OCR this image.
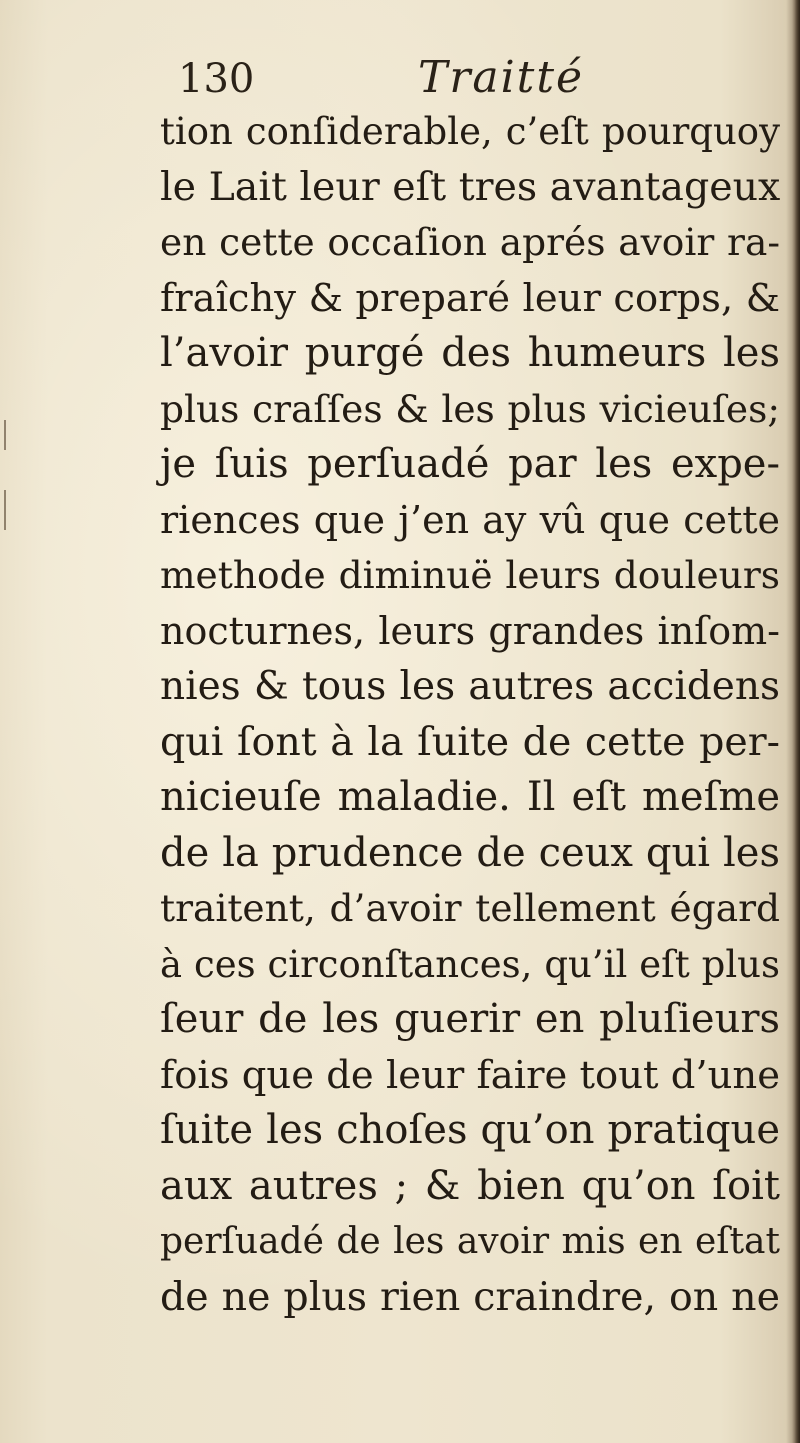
130	Traitté
tion conſiderable, c’eſt pourquoy
le Lait leur eſt tres avantageux
en cette occaſion aprés avoir ra-
fraîchy & preparé leur corps, &
l’avoir purgé des humeurs les
plus craſſes & les plus vicieuſes;
je ſuis perſuadé par les expe-
riences que j’en ay vû que cette
methode diminuë leurs douleurs
nocturnes, leurs grandes inſom-
nies & tous les autres accidens
qui ſont à la ſuite de cette per-
nicieuſe maladie. Il eſt meſme
de la prudence de ceux qui les
traitent, d’avoir tellement égard
à ces circonſtances, qu’il eſt plus
ſeur de les guerir en pluſieurs
fois que de leur faire tout d’une
ſuite les choſes qu’on pratique
aux autres ; & bien qu’on ſoit
perſuadé de les avoir mis en eſtat
de ne plus rien craindre, on ne
